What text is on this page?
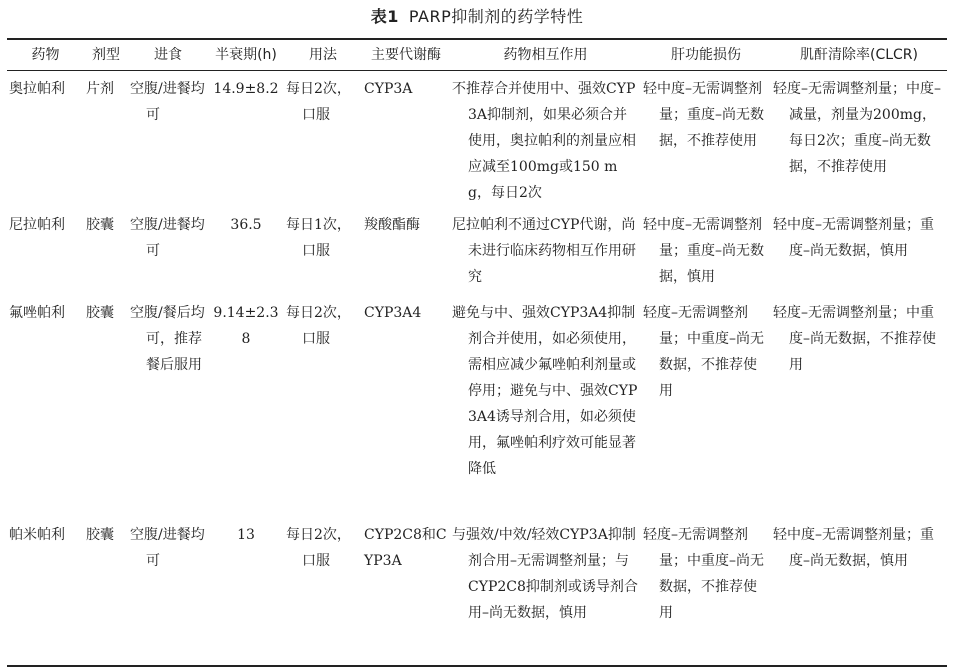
表1 PARP抑制剂的药学特性
药物	剂型	进食	半衰期(h)	用法	主要代谢酶	药物相互作用	肝功能损伤	肌酐清除率(CLCR)
奥拉帕利	片剂	空腹/进餐均可	14.9±8.2	每日2次，口服	CYP3A	不推荐合并使用中、强效CYP3A抑制剂，如果必须合并使用，奥拉帕利的剂量应相应减至100mg或150 mg，每日2次	轻中度–无需调整剂量；重度–尚无数据，不推荐使用	轻度–无需调整剂量；中度–减量，剂量为200mg，每日2次；重度–尚无数据，不推荐使用
尼拉帕利	胶囊	空腹/进餐均可	36.5	每日1次，口服	羧酸酯酶	尼拉帕利不通过CYP代谢，尚未进行临床药物相互作用研究	轻中度–无需调整剂量；重度–尚无数据，慎用	轻中度–无需调整剂量；重度–尚无数据，慎用
氟唑帕利	胶囊	空腹/餐后均可，推荐餐后服用	9.14±2.38	每日2次，口服	CYP3A4	避免与中、强效CYP3A4抑制剂合并使用，如必须使用，需相应减少氟唑帕利剂量或停用；避免与中、强效CYP3A4诱导剂合用，如必须使用，氟唑帕利疗效可能显著降低	轻度–无需调整剂量；中重度–尚无数据，不推荐使用	轻度–无需调整剂量；中重度–尚无数据，不推荐使用
帕米帕利	胶囊	空腹/进餐均可	13	每日2次，口服	CYP2C8和CYP3A	与强效/中效/轻效CYP3A抑制剂合用–无需调整剂量；与CYP2C8抑制剂或诱导剂合用–尚无数据，慎用	轻度–无需调整剂量；中重度–尚无数据，不推荐使用	轻中度–无需调整剂量；重度–尚无数据，慎用
